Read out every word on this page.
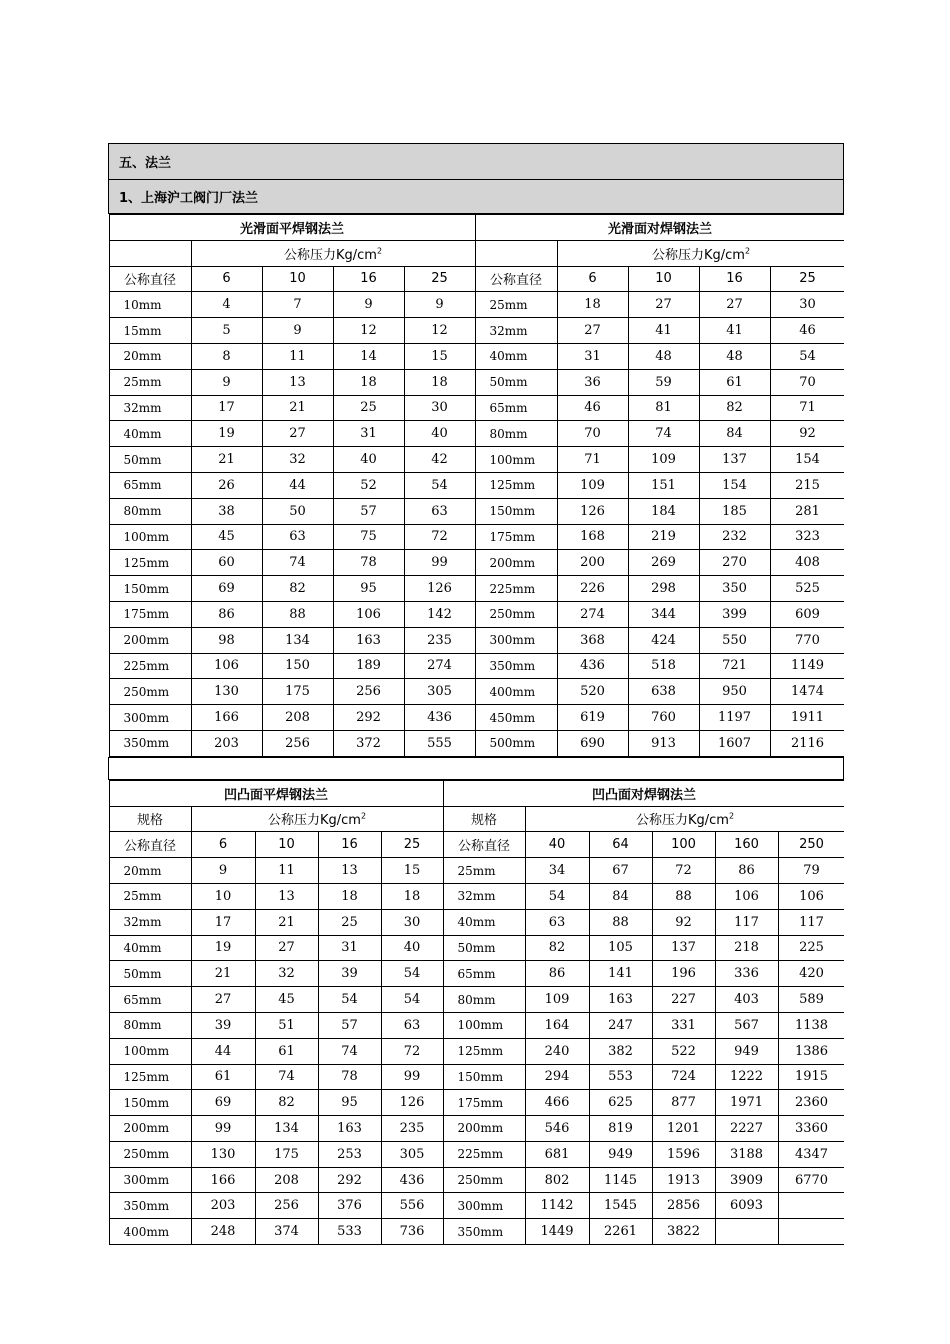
五、法兰
1、上海沪工阀门厂法兰

光滑面平焊钢法兰	光滑面对焊钢法兰
	公称压力$Kg/cm^2$		公称压力$Kg/cm^2$
公称直径	6	10	16	25	公称直径	6	10	16	25
10mm	4	7	9	9	25mm	18	27	27	30
15mm	5	9	12	12	32mm	27	41	41	46
20mm	8	11	14	15	40mm	31	48	48	54
25mm	9	13	18	18	50mm	36	59	61	70
32mm	17	21	25	30	65mm	46	81	82	71
40mm	19	27	31	40	80mm	70	74	84	92
50mm	21	32	40	42	100mm	71	109	137	154
65mm	26	44	52	54	125mm	109	151	154	215
80mm	38	50	57	63	150mm	126	184	185	281
100mm	45	63	75	72	175mm	168	219	232	323
125mm	60	74	78	99	200mm	200	269	270	408
150mm	69	82	95	126	225mm	226	298	350	525
175mm	86	88	106	142	250mm	274	344	399	609
200mm	98	134	163	235	300mm	368	424	550	770
225mm	106	150	189	274	350mm	436	518	721	1149
250mm	130	175	256	305	400mm	520	638	950	1474
300mm	166	208	292	436	450mm	619	760	1197	1911
350mm	203	256	372	555	500mm	690	913	1607	2116

凹凸面平焊钢法兰	凹凸面对焊钢法兰
规格	公称压力$Kg/cm^2$	规格	公称压力$Kg/cm^2$
公称直径	6	10	16	25	公称直径	40	64	100	160	250
20mm	9	11	13	15	25mm	34	67	72	86	79
25mm	10	13	18	18	32mm	54	84	88	106	106
32mm	17	21	25	30	40mm	63	88	92	117	117
40mm	19	27	31	40	50mm	82	105	137	218	225
50mm	21	32	39	54	65mm	86	141	196	336	420
65mm	27	45	54	54	80mm	109	163	227	403	589
80mm	39	51	57	63	100mm	164	247	331	567	1138
100mm	44	61	74	72	125mm	240	382	522	949	1386
125mm	61	74	78	99	150mm	294	553	724	1222	1915
150mm	69	82	95	126	175mm	466	625	877	1971	2360
200mm	99	134	163	235	200mm	546	819	1201	2227	3360
250mm	130	175	253	305	225mm	681	949	1596	3188	4347
300mm	166	208	292	436	250mm	802	1145	1913	3909	6770
350mm	203	256	376	556	300mm	1142	1545	2856	6093	
400mm	248	374	533	736	350mm	1449	2261	3822		
